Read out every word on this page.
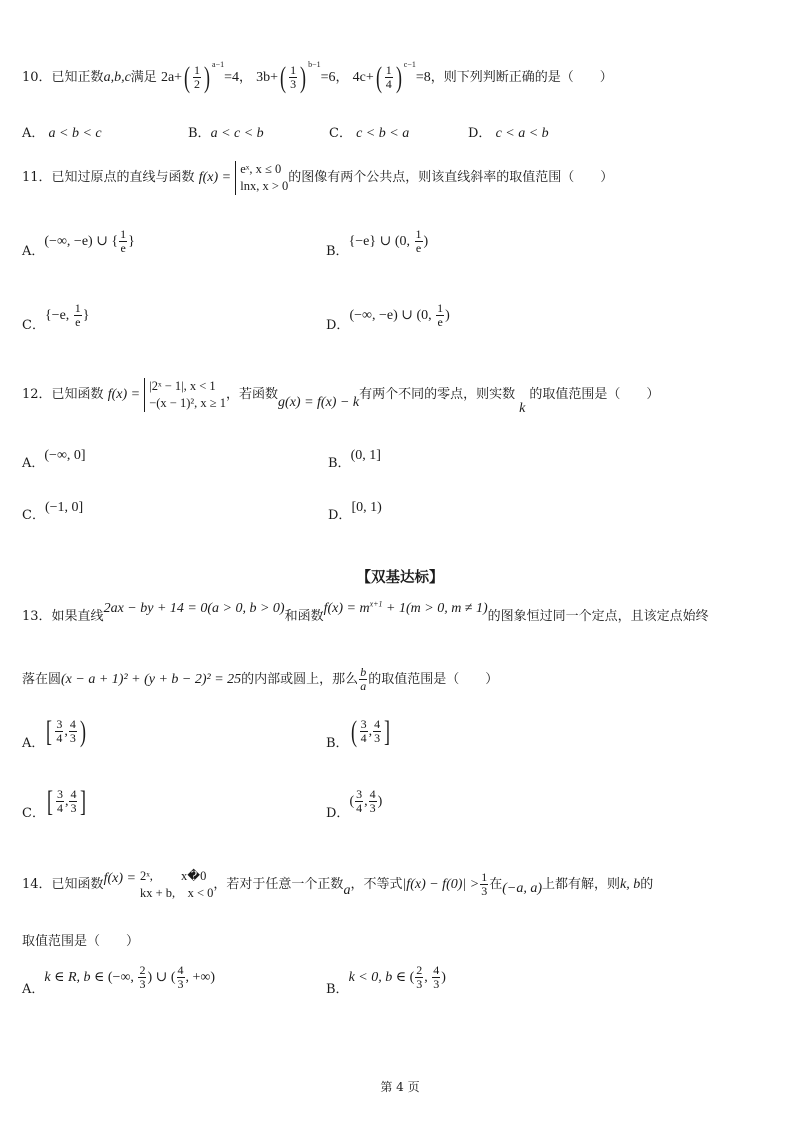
10．已知正数a,b,c满足 $2a+( \frac{1}{2}$ ) $^{a-1}$=4， $3b+( \frac{1}{3}$ ) $^{b-1}$=6， $4c+( \frac{1}{4}$ ) $^{c-1}$=8，则下列判断正确的是（　　）
A． a < b < c	B．a < c < b	C． c < b < a	D． c < a < b
11．已知过原点的直线与函数 f(x) =
eˣ, x ≤ 0
lnx, x > 0
的图像有两个公共点，则该直线斜率的取值范围（　　）
A．(−∞, −e) ∪ { $\frac{1}{e}$ }
B．{−e} ∪ (0, $\frac{1}{e}$ )
C．{−e, $\frac{1}{e}$ }
D．(−∞, −e) ∪ (0, $\frac{1}{e}$ )
12．已知函数 f(x) =
|2ˣ − 1|, x < 1
−(x − 1)², x ≥ 1
，若函数g(x) = f(x) − k有两个不同的零点，则实数k的取值范围是（　　）
A．(−∞, 0]
B．(0, 1]
C．(−1, 0]
D．[0, 1)
【双基达标】
13．如果直线2ax − by + 14 = 0(a > 0, b > 0)和函数$f(x) = m^{x+1} + 1(m > 0$, m ≠ 1)的图象恒过同一个定点，且该定点始终
落在圆(x − a + 1)² + (y + b − 2)² = 25的内部或圆上，那么 $\frac{b}{a}$ 的取值范围是（　　）
A．[ $\frac{3}{4}$ , $\frac{4}{3}$ )	B．( $\frac{3}{4}$ , $\frac{4}{3}$ ]
C．[ $\frac{3}{4}$ , $\frac{4}{3}$ ]	D．( $\frac{3}{4}$ , $\frac{4}{3}$ )
14．已知函数f(x) = 2ˣ,　　 x�0
kx + b,　x < 0
，若对于任意一个正数a，不等式$|f(x) - f(0)| > \frac{1}{3}$ 在(−a, a)上都有解，则k, b的
取值范围是（　　）
A．k ∈ R, b ∈ (−∞, $\frac{2}{3}$ ) ∪ ( $\frac{4}{3}$ , +∞)
B．k < 0, b ∈ ( $\frac{2}{3}$ , $\frac{4}{3}$ )
第 4 页
